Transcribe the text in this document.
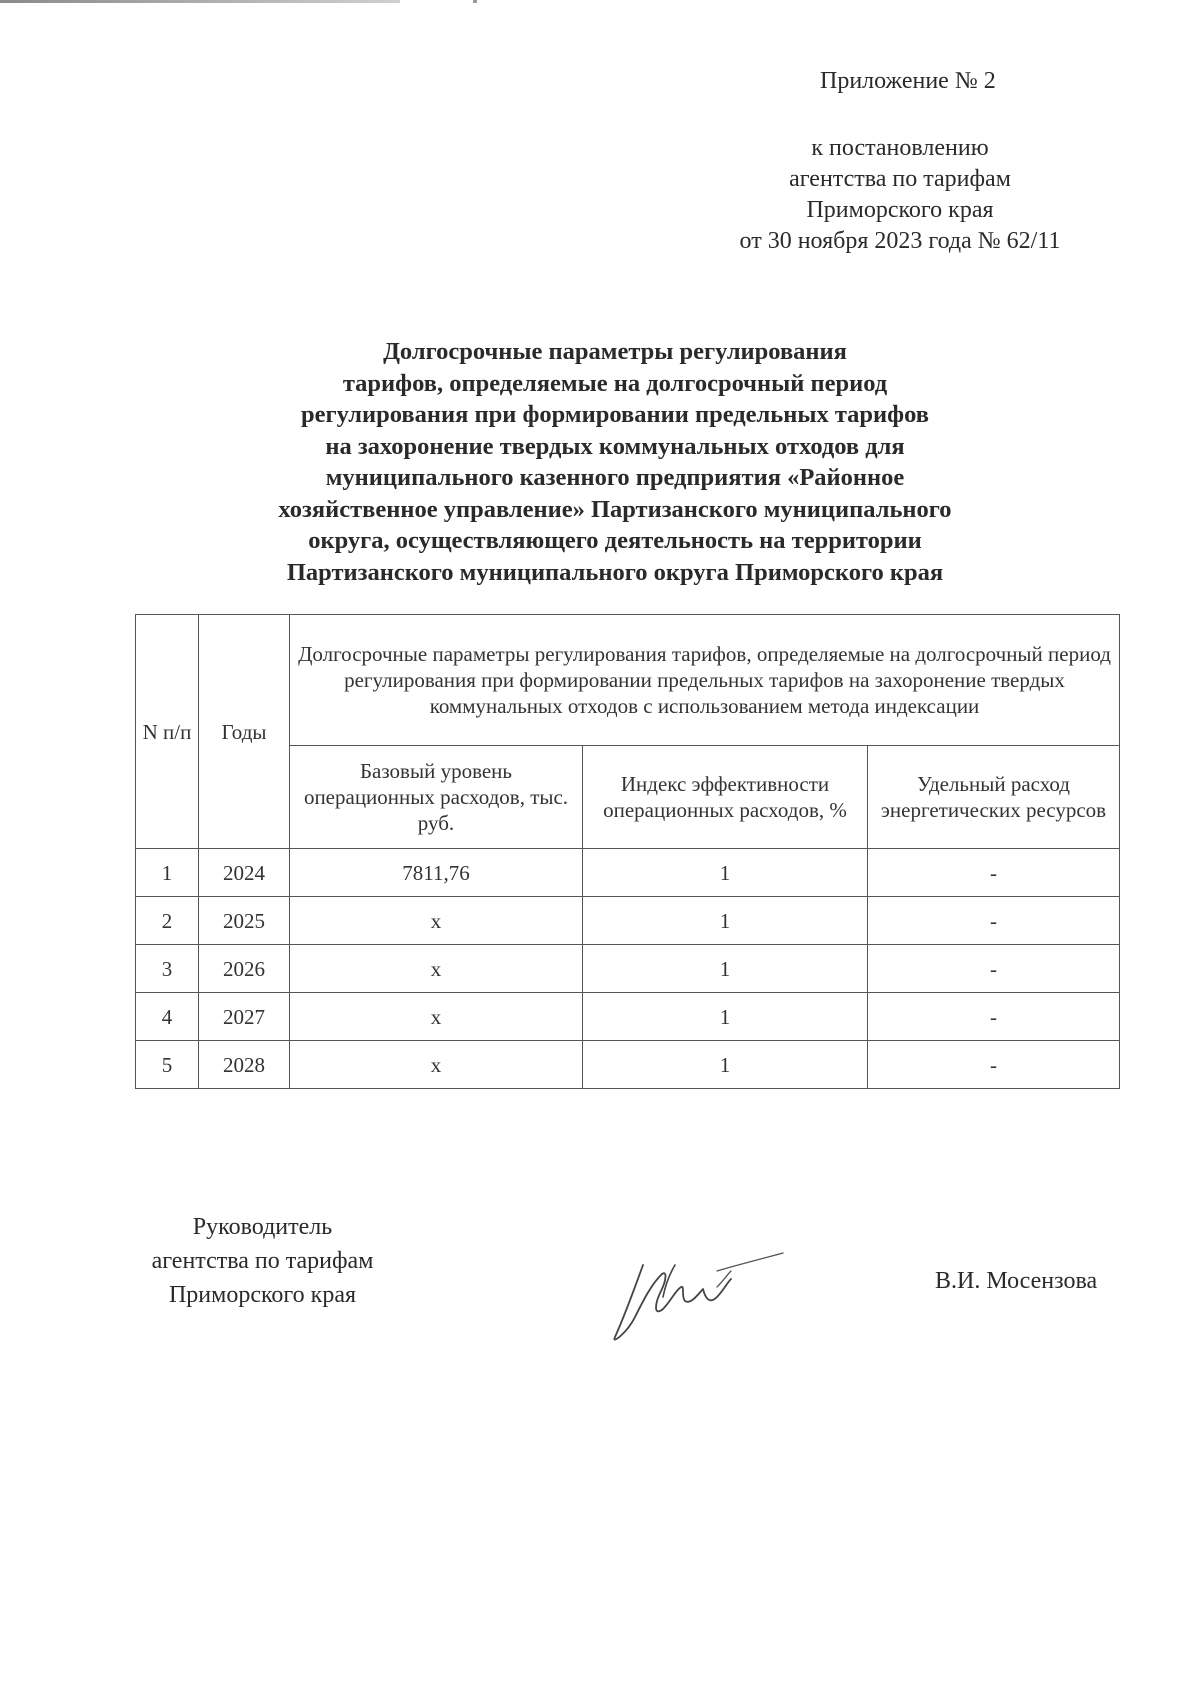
Приложение № 2
к постановлению
агентства по тарифам
Приморского края
от 30 ноября 2023 года № 62/11
Долгосрочные параметры регулирования
тарифов, определяемые на долгосрочный период
регулирования при формировании предельных тарифов
на захоронение твердых коммунальных отходов для
муниципального казенного предприятия «Районное
хозяйственное управление» Партизанского муниципального
округа, осуществляющего деятельность на территории
Партизанского муниципального округа Приморского края
N п/п	Годы	Долгосрочные параметры регулирования тарифов, определяемые на долгосрочный период регулирования при формировании предельных тарифов на захоронение твердых коммунальных отходов с использованием метода индексации		
		Базовый уровень операционных расходов, тыс. руб.	Индекс эффективности операционных расходов, %	Удельный расход энергетических ресурсов
1	2024	7811,76	1	-
2	2025	х	1	-
3	2026	х	1	-
4	2027	х	1	-
5	2028	х	1	-
Руководитель
агентства по тарифам
Приморского края
В.И. Мосензова
